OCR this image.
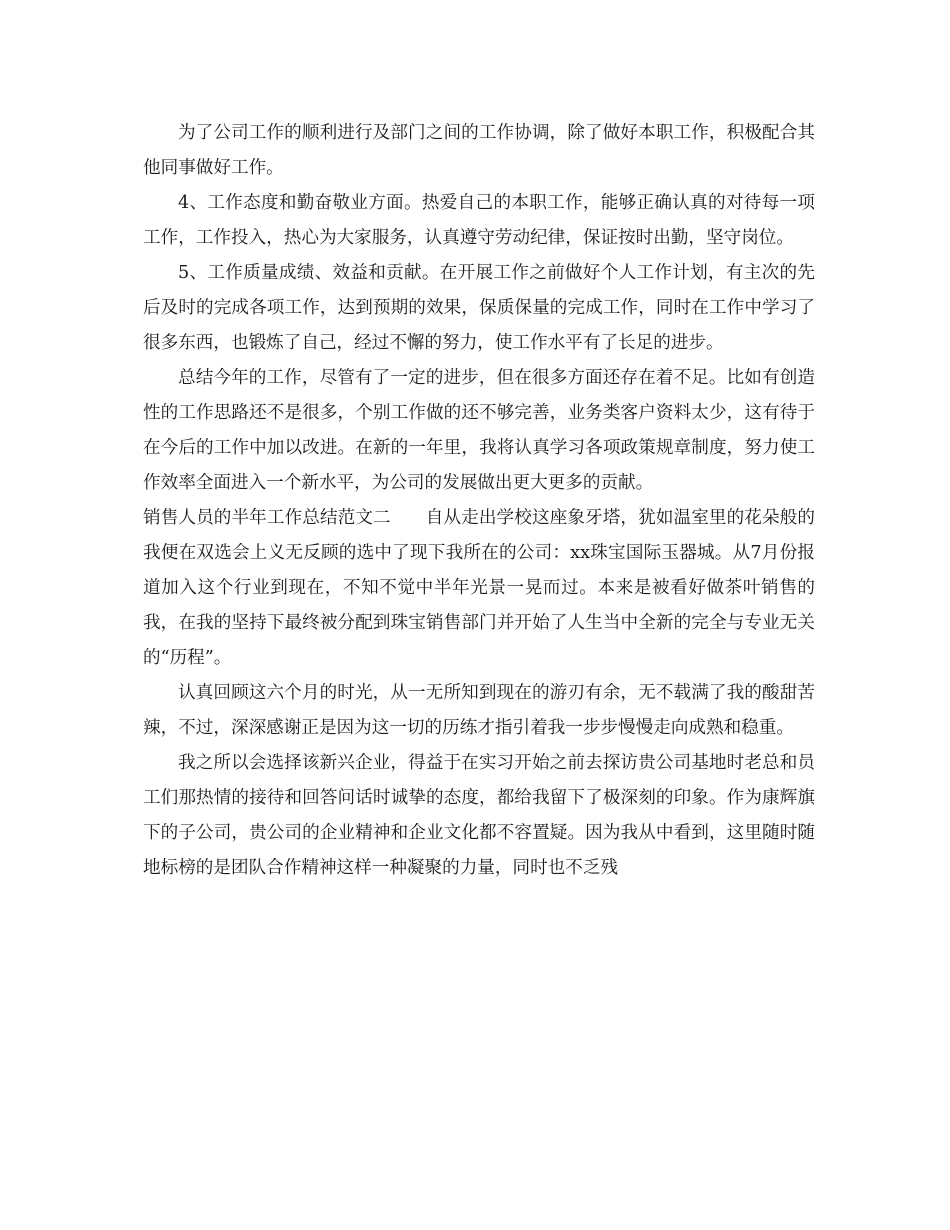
为了公司工作的顺利进行及部门之间的工作协调，除了做好本职工作，积极配合其他同事做好工作。

4、工作态度和勤奋敬业方面。热爱自己的本职工作，能够正确认真的对待每一项工作，工作投入，热心为大家服务，认真遵守劳动纪律，保证按时出勤，坚守岗位。

5、工作质量成绩、效益和贡献。在开展工作之前做好个人工作计划，有主次的先后及时的完成各项工作，达到预期的效果，保质保量的完成工作，同时在工作中学习了很多东西，也锻炼了自己，经过不懈的努力，使工作水平有了长足的进步。

总结今年的工作，尽管有了一定的进步，但在很多方面还存在着不足。比如有创造性的工作思路还不是很多，个别工作做的还不够完善，业务类客户资料太少，这有待于在今后的工作中加以改进。在新的一年里，我将认真学习各项政策规章制度，努力使工作效率全面进入一个新水平，为公司的发展做出更大更多的贡献。

销售人员的半年工作总结范文二 自从走出学校这座象牙塔，犹如温室里的花朵般的我便在双选会上义无反顾的选中了现下我所在的公司：xx珠宝国际玉器城。从7月份报道加入这个行业到现在，不知不觉中半年光景一晃而过。本来是被看好做茶叶销售的我，在我的坚持下最终被分配到珠宝销售部门并开始了人生当中全新的完全与专业无关的“历程”。

认真回顾这六个月的时光，从一无所知到现在的游刃有余，无不载满了我的酸甜苦辣，不过，深深感谢正是因为这一切的历练才指引着我一步步慢慢走向成熟和稳重。

我之所以会选择该新兴企业，得益于在实习开始之前去探访贵公司基地时老总和员工们那热情的接待和回答问话时诚挚的态度，都给我留下了极深刻的印象。作为康辉旗下的子公司，贵公司的企业精神和企业文化都不容置疑。因为我从中看到，这里随时随地标榜的是团队合作精神这样一种凝聚的力量，同时也不乏残
